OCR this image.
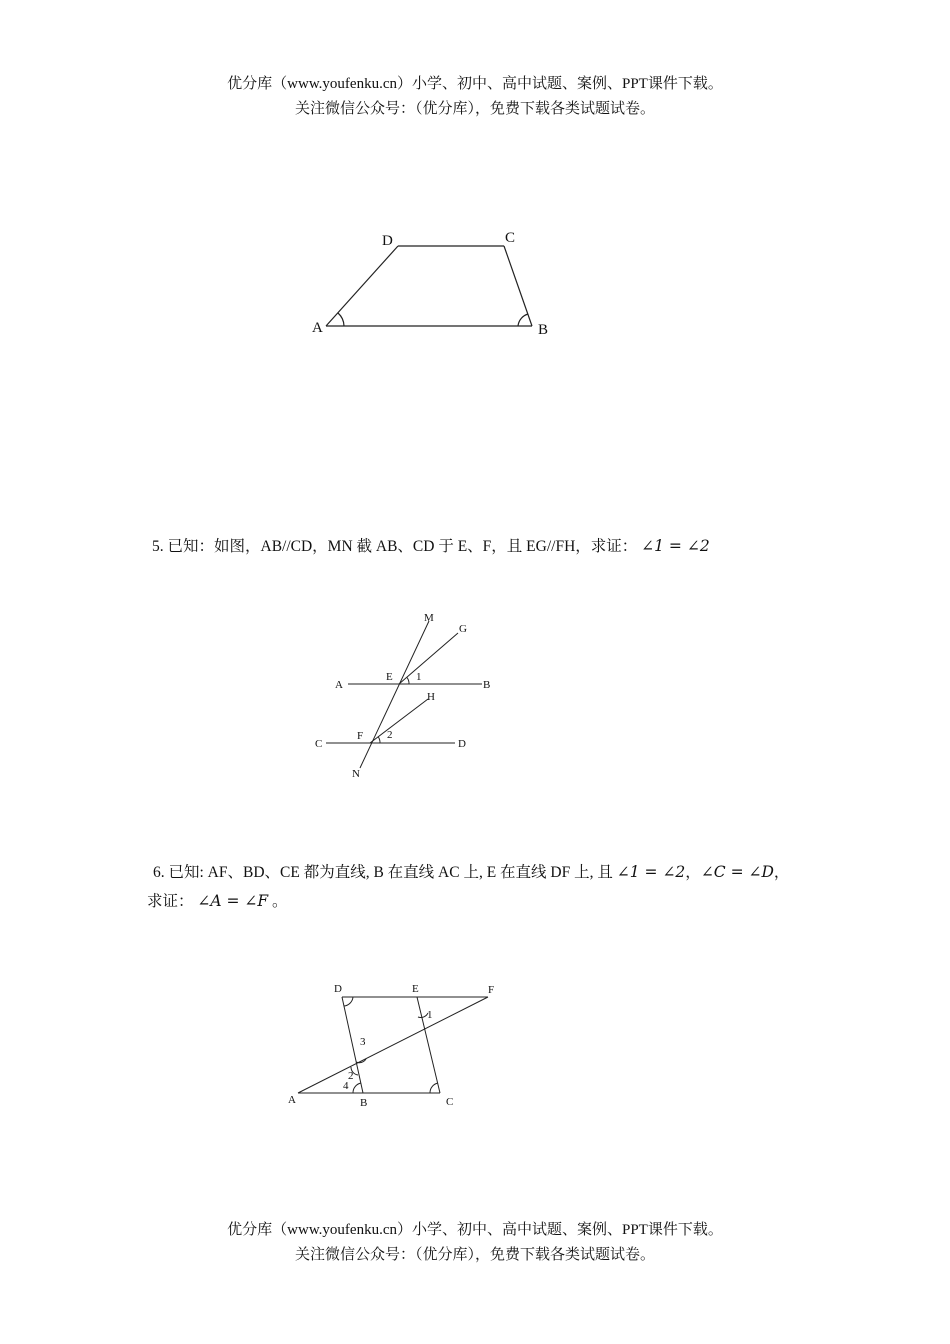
优分库（www.youfenku.cn）小学、初中、高中试题、案例、PPT课件下载。
关注微信公众号：（优分库），免费下载各类试题试卷。
A	B
C
D
5. 已知：如图，AB//CD，MN 截 AB、CD 于 E、F，且 EG//FH，求证： ∠1 = ∠2
M
G
A
E 1
B
H
C
F 2
D
N
6. 已知: AF、BD、CE 都为直线, B 在直线 AC 上, E 在直线 DF 上, 且 ∠1 = ∠2，∠C = ∠D，
求证： ∠A = ∠F 。
D	E	F
1
3
2
4
A	B	C
优分库（www.youfenku.cn）小学、初中、高中试题、案例、PPT课件下载。
关注微信公众号：（优分库），免费下载各类试题试卷。
